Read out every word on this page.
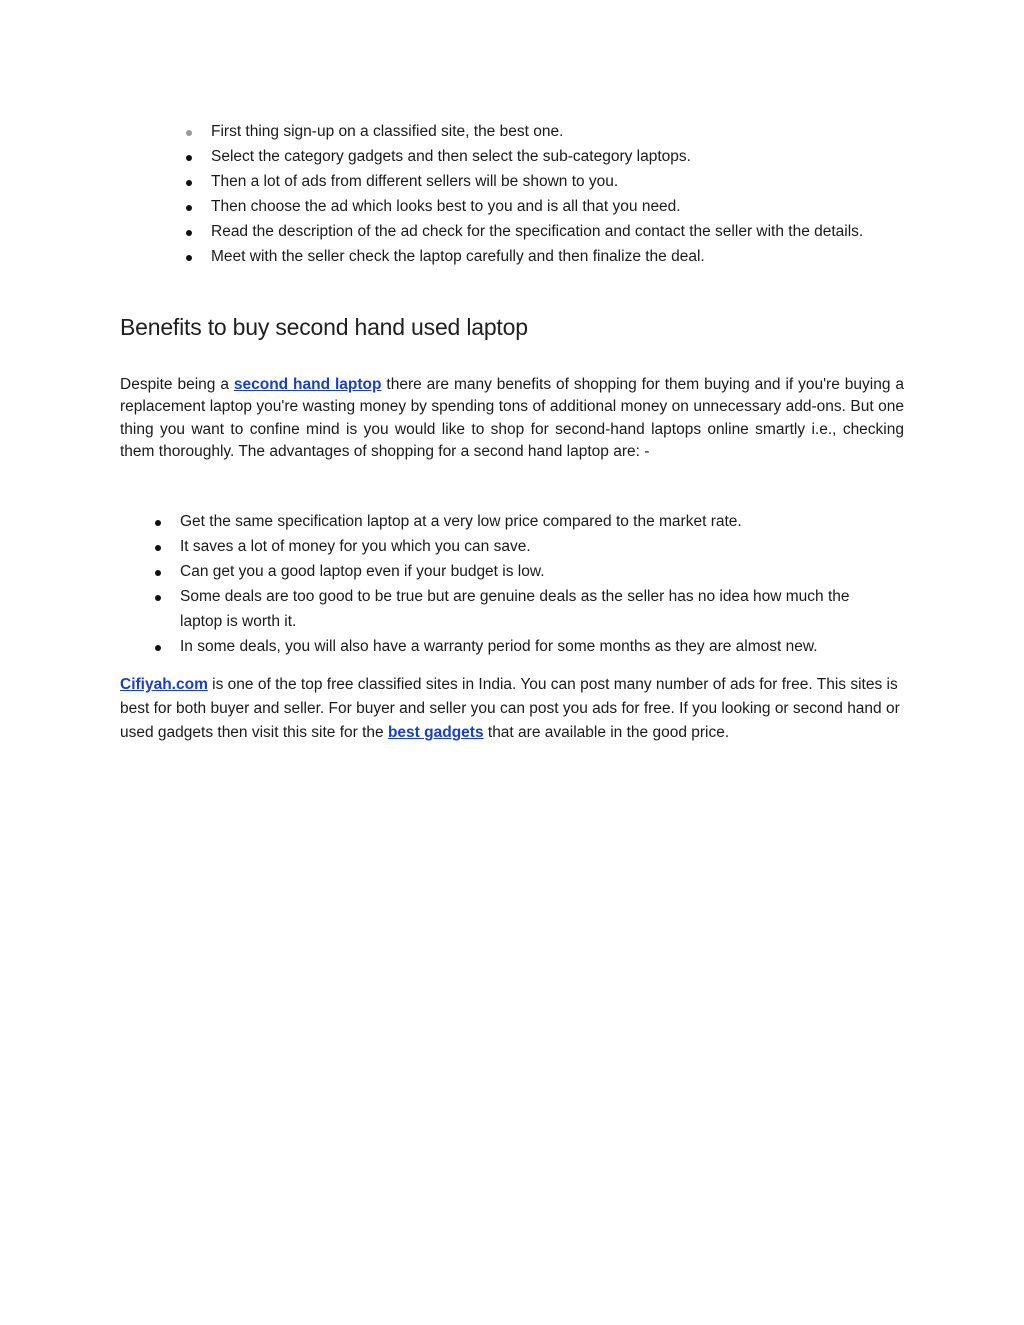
First thing sign-up on a classified site, the best one.
Select the category gadgets and then select the sub-category laptops.
Then a lot of ads from different sellers will be shown to you.
Then choose the ad which looks best to you and is all that you need.
Read the description of the ad check for the specification and contact the seller with the details.
Meet with the seller check the laptop carefully and then finalize the deal.
Benefits to buy second hand used laptop

Despite being a second hand laptop there are many benefits of shopping for them buying and if you're buying a replacement laptop you're wasting money by spending tons of additional money on unnecessary add-ons. But one thing you want to confine mind is you would like to shop for second-hand laptops online smartly i.e., checking them thoroughly. The advantages of shopping for a second hand laptop are: -

Get the same specification laptop at a very low price compared to the market rate.
It saves a lot of money for you which you can save.
Can get you a good laptop even if your budget is low.
Some deals are too good to be true but are genuine deals as the seller has no idea how much the laptop is worth it.
In some deals, you will also have a warranty period for some months as they are almost new.

Cifiyah.com is one of the top free classified sites in India. You can post many number of ads for free. This sites is best for both buyer and seller. For buyer and seller you can post you ads for free. If you looking or second hand or used gadgets then visit this site for the best gadgets that are available in the good price.
